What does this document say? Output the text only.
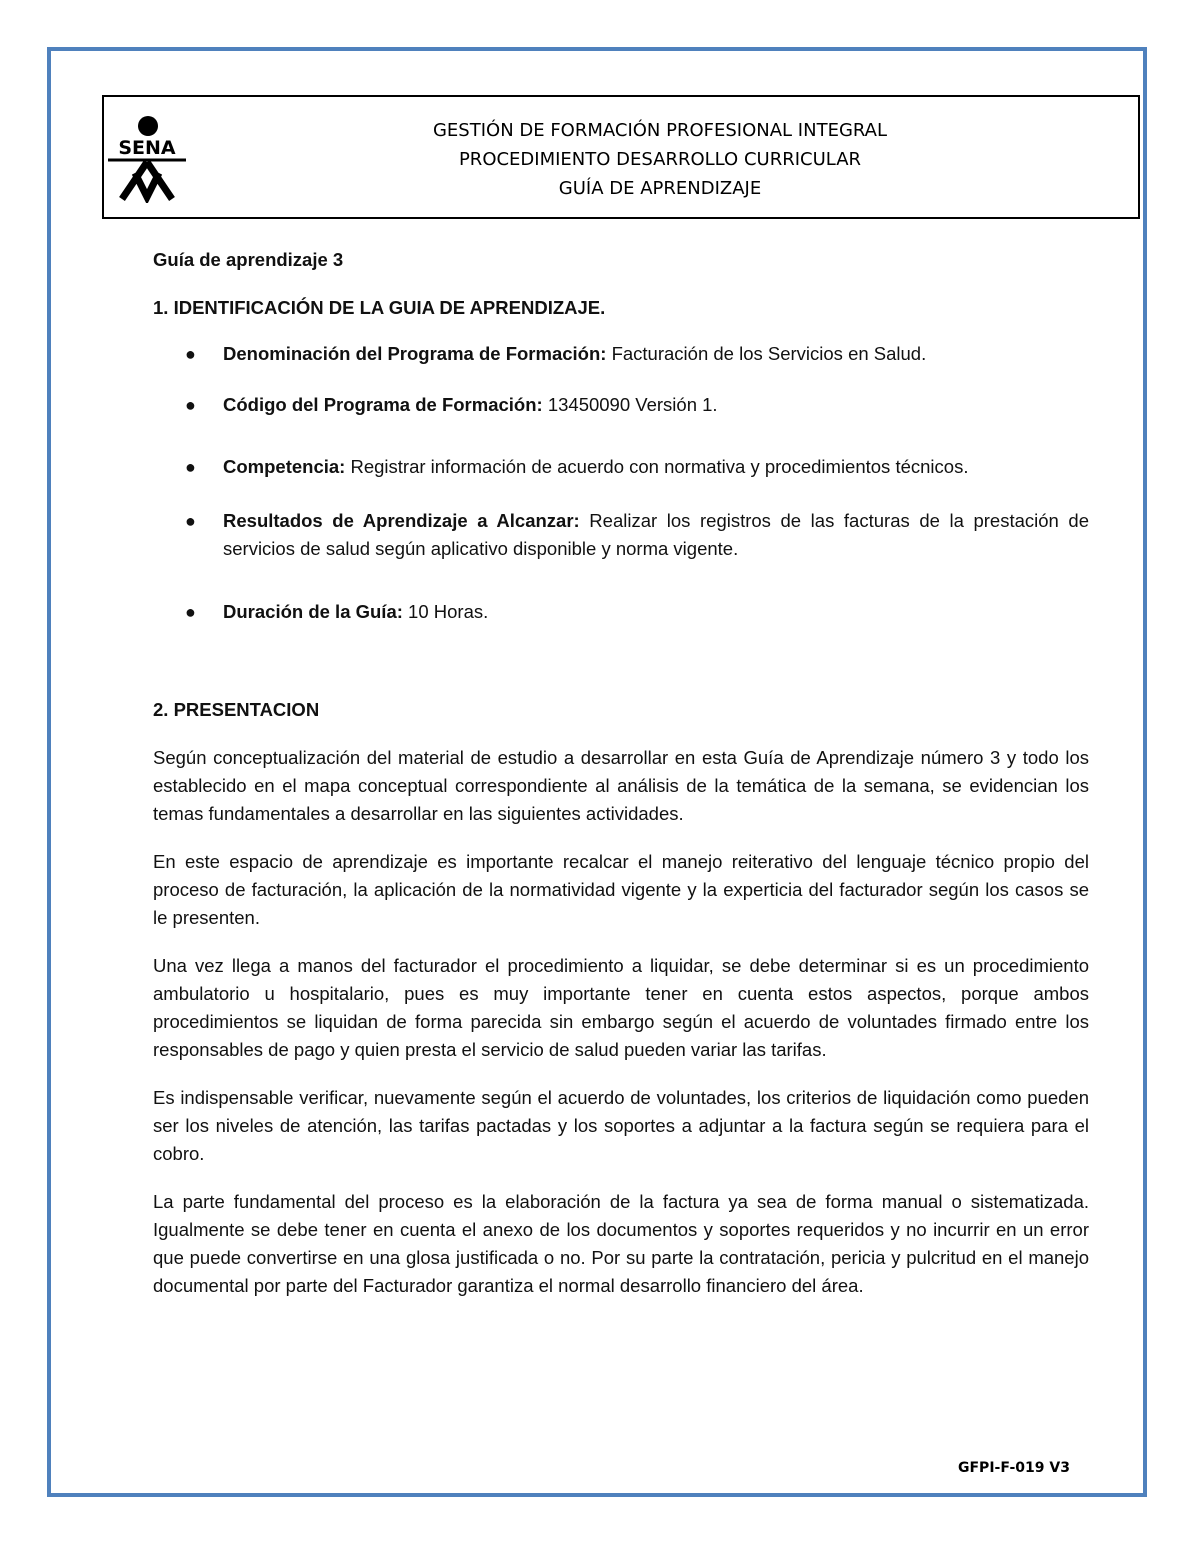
SENA
GESTIÓN DE FORMACIÓN PROFESIONAL INTEGRAL
PROCEDIMIENTO DESARROLLO CURRICULAR
GUÍA DE APRENDIZAJE

Guía de aprendizaje 3

1. IDENTIFICACIÓN DE LA GUIA DE APRENDIZAJE.

● Denominación del Programa de Formación: Facturación de los Servicios en Salud.
● Código del Programa de Formación: 13450090 Versión 1.
● Competencia: Registrar información de acuerdo con normativa y procedimientos técnicos.
● Resultados de Aprendizaje a Alcanzar: Realizar los registros de las facturas de la prestación de servicios de salud según aplicativo disponible y norma vigente.
● Duración de la Guía: 10 Horas.

2. PRESENTACION

Según conceptualización del material de estudio a desarrollar en esta Guía de Aprendizaje número 3 y todo los establecido en el mapa conceptual correspondiente al análisis de la temática de la semana, se evidencian los temas fundamentales a desarrollar en las siguientes actividades.

En este espacio de aprendizaje es importante recalcar el manejo reiterativo del lenguaje técnico propio del proceso de facturación, la aplicación de la normatividad vigente y la experticia del facturador según los casos se le presenten.

Una vez llega a manos del facturador el procedimiento a liquidar, se debe determinar si es un procedimiento ambulatorio u hospitalario, pues es muy importante tener en cuenta estos aspectos, porque ambos procedimientos se liquidan de forma parecida sin embargo según el acuerdo de voluntades firmado entre los responsables de pago y quien presta el servicio de salud pueden variar las tarifas.

Es indispensable verificar, nuevamente según el acuerdo de voluntades, los criterios de liquidación como pueden ser los niveles de atención, las tarifas pactadas y los soportes a adjuntar a la factura según se requiera para el cobro.

La parte fundamental del proceso es la elaboración de la factura ya sea de forma manual o sistematizada. Igualmente se debe tener en cuenta el anexo de los documentos y soportes requeridos y no incurrir en un error que puede convertirse en una glosa justificada o no. Por su parte la contratación, pericia y pulcritud en el manejo documental por parte del Facturador garantiza el normal desarrollo financiero del área.

GFPI-F-019 V3
